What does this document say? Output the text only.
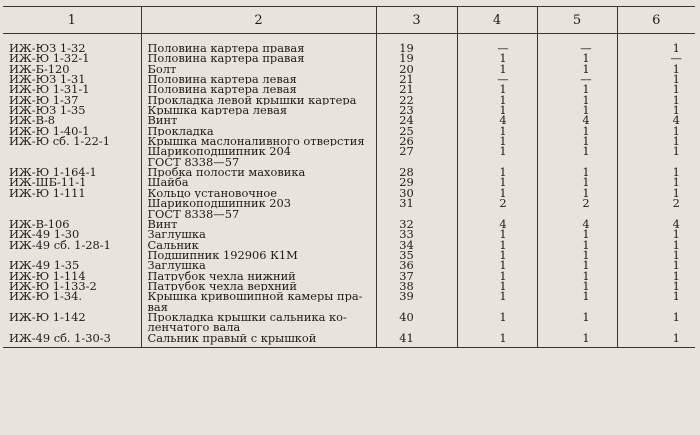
1	2	3	4	5	6
ИЖ-ЮЗ 1-32	Половина картера правая	19	—	—	1
ИЖ-Ю 1-32-1	Половина картера правая	19	1	1	—
ИЖ-Б-120	Болт	20	1	1	1
ИЖ-ЮЗ 1-31	Половина картера левая	21	—	—	1
ИЖ-Ю 1-31-1	Половина картера левая	21	1	1	1
ИЖ-Ю 1-37	Прокладка левой крышки картера	22	1	1	1
ИЖ-ЮЗ 1-35	Крышка картера левая	23	1	1	1
ИЖ-В-8	Винт	24	4	4	4
ИЖ-Ю 1-40-1	Прокладка	25	1	1	1
ИЖ-Ю сб. 1-22-1	Крышка маслоналивного отверстия	26	1	1	1
	Шарикоподшипник 204	27	1	1	1
	ГОСТ 8338—57				
ИЖ-Ю 1-164-1	Пробка полости маховика	28	1	1	1
ИЖ-ШБ-11-1	Шайба	29	1	1	1
ИЖ-Ю 1-111	Кольцо установочное	30	1	1	1
	Шарикоподшипник 203	31	2	2	2
	ГОСТ 8338—57				
ИЖ-В-106	Винт	32	4	4	4
ИЖ-49 1-30	Заглушка	33	1	1	1
ИЖ-49 сб. 1-28-1	Сальник	34	1	1	1
	Подшипник 192906 К1М	35	1	1	1
ИЖ-49 1-35	Заглушка	36	1	1	1
ИЖ-Ю 1-114	Патрубок чехла нижний	37	1	1	1
ИЖ-Ю 1-133-2	Патрубок чехла верхний	38	1	1	1
ИЖ-Ю 1-34.	Крышка кривошипной камеры пра-	39	1	1	1
	вая				
ИЖ-Ю 1-142	Прокладка крышки сальника ко-	40	1	1	1
	ленчатого вала				
ИЖ-49 сб. 1-30-3	Сальник правый с крышкой	41	1	1	1
